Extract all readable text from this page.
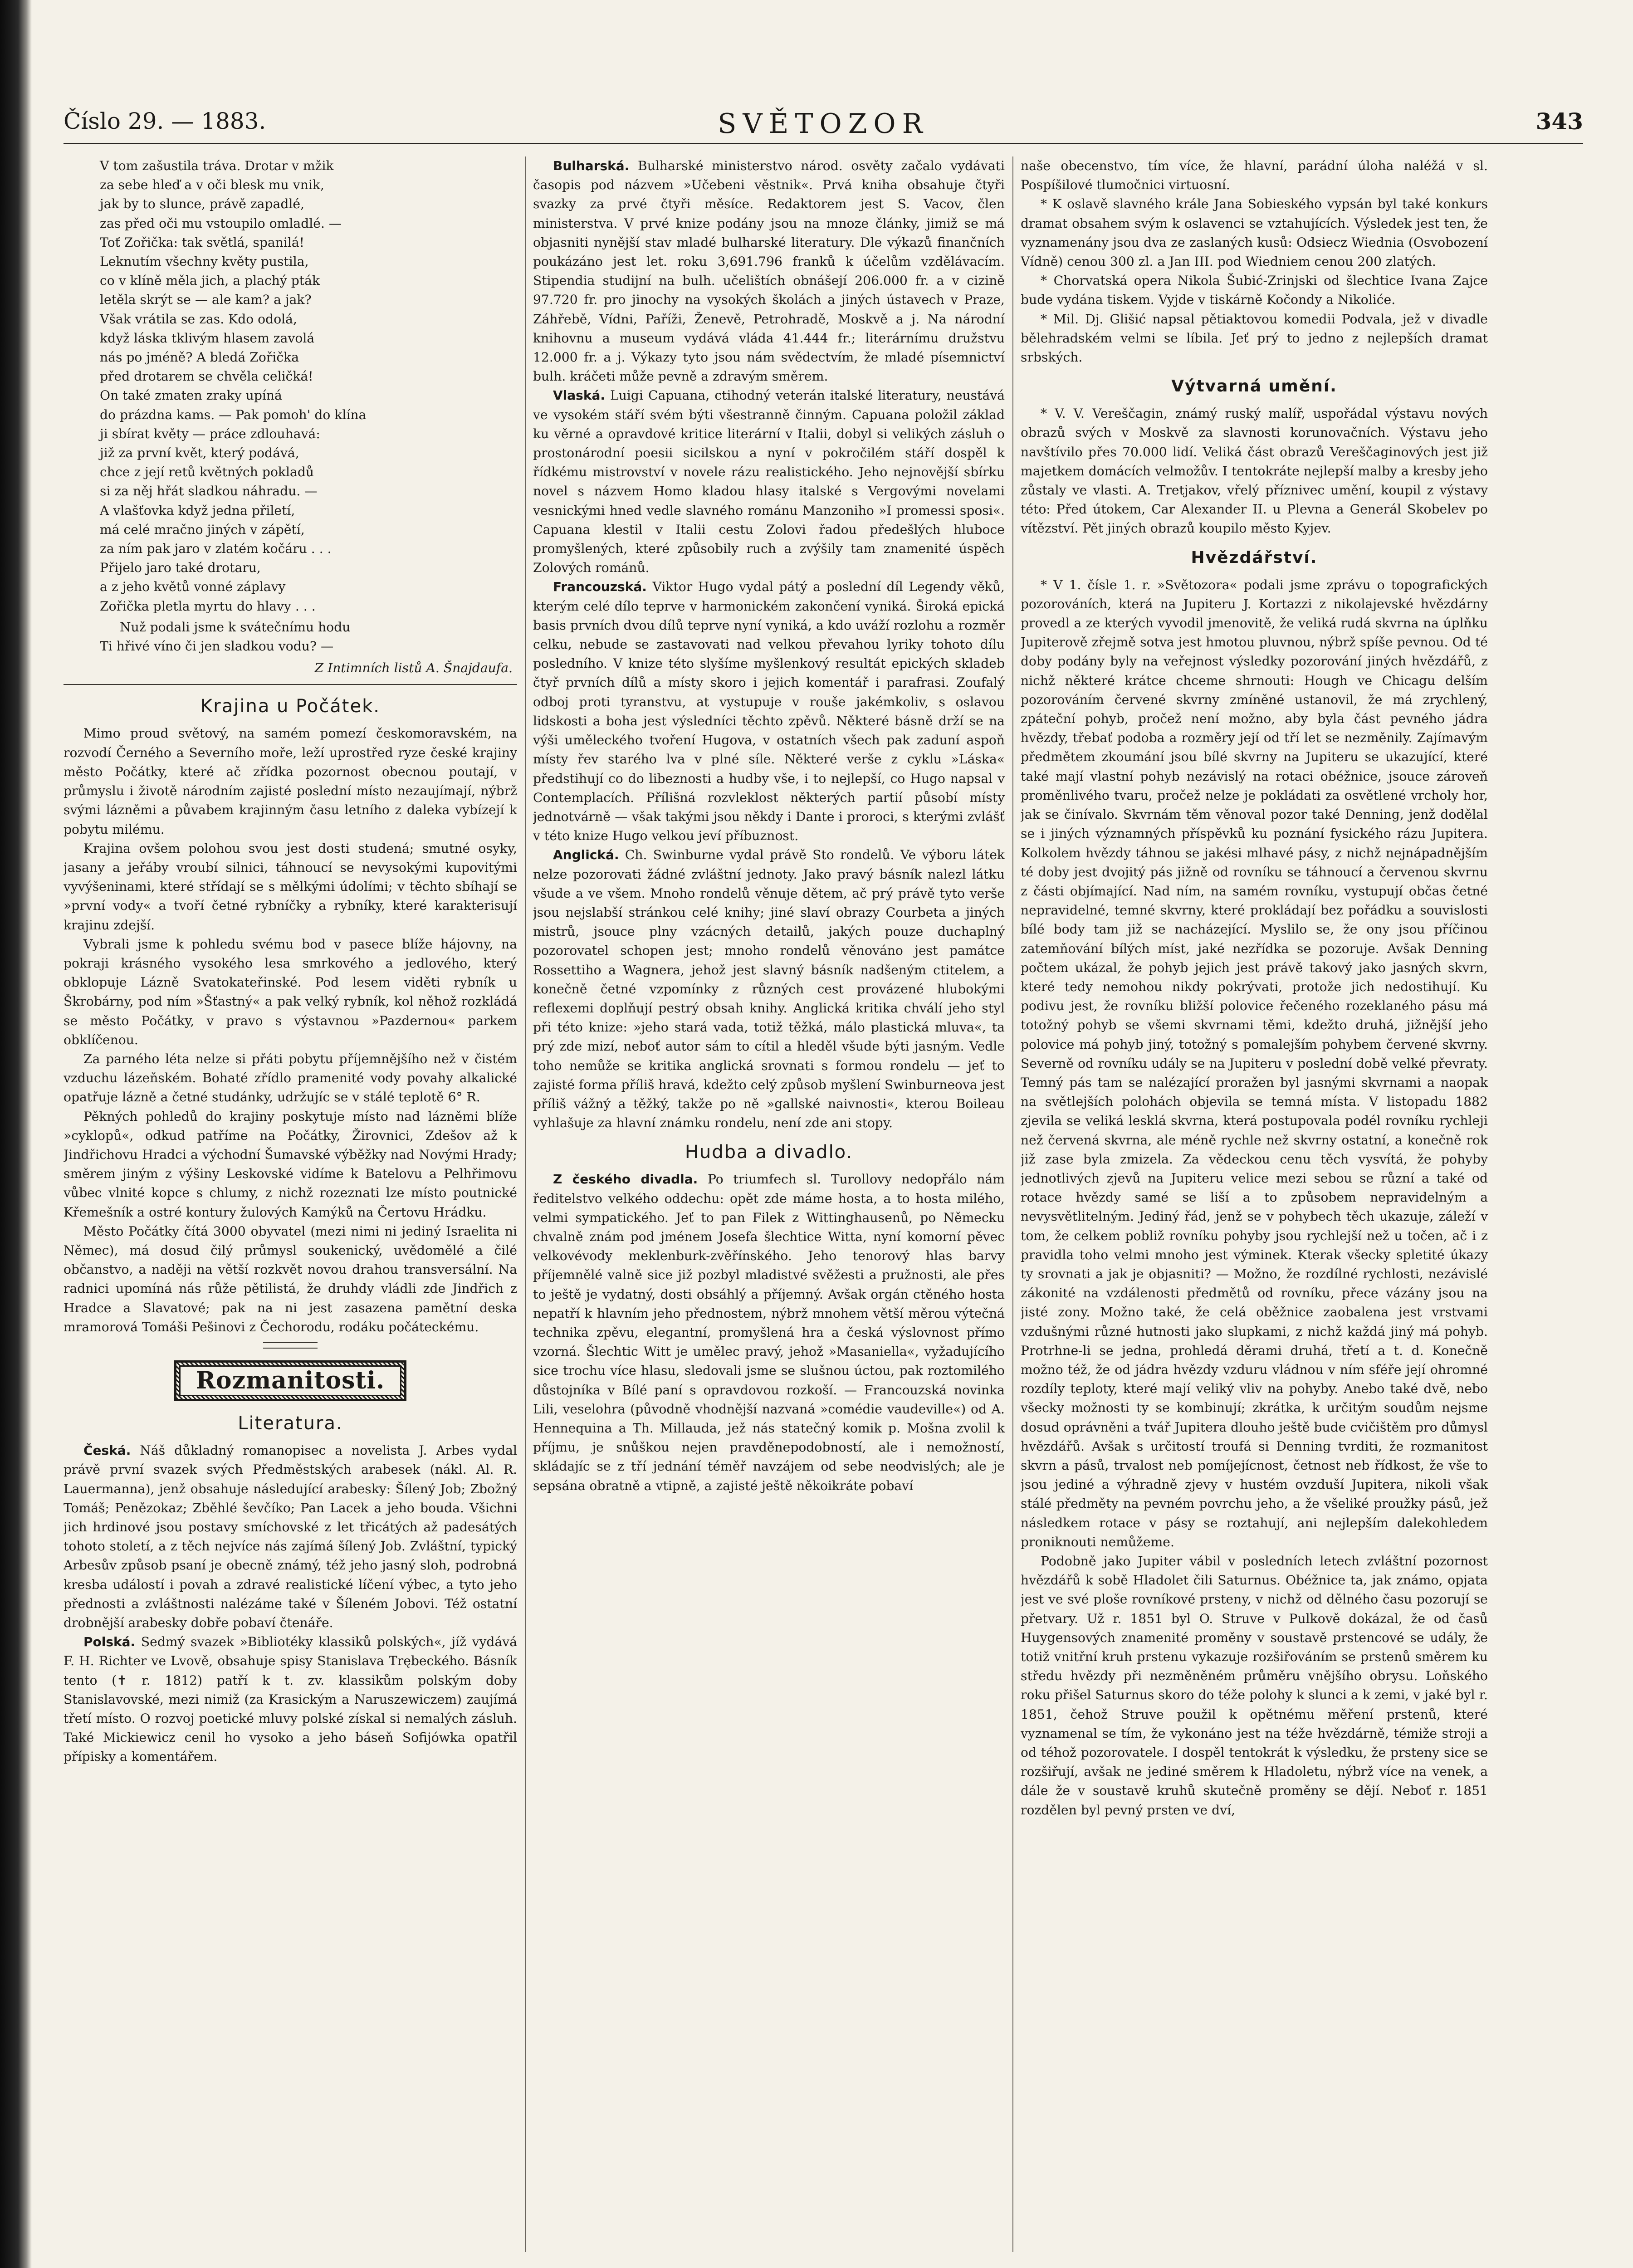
Číslo 29. — 1883.	SVĚTOZOR	343
V tom zašustila tráva. Drotar v mžik
za sebe hleď a v oči blesk mu vnik,
jak by to slunce, právě zapadlé,
zas před oči mu vstoupilo omladlé. —
Toť Zořička: tak světlá, spanilá!
Leknutím všechny květy pustila,
co v klíně měla jich, a plachý pták
letěla skrýt se — ale kam? a jak?
Však vrátila se zas. Kdo odolá,
když láska tklivým hlasem zavolá
nás po jméně? A bledá Zořička
před drotarem se chvěla celičká!
On také zmaten zraky upíná
do prázdna kams. — Pak pomoh' do klína
ji sbírat květy — práce zdlouhavá:
již za první květ, který podává,
chce z její retů květných pokladů
si za něj hřát sladkou náhradu. —
A vlašťovka když jedna přiletí,
má celé mračno jiných v zápětí,
za ním pak jaro v zlatém kočáru . . .
Přijelo jaro také drotaru,
a z jeho květů vonné záplavy
Zořička pletla myrtu do hlavy . . .
Nuž podali jsme k svátečnímu hodu
Ti hřivé víno či jen sladkou vodu? —
Z Intimních listů A. Šnajdaufa.
Krajina u Počátek.

Mimo proud světový, na samém pomezí českomoravském, na rozvodí Černého a Severního moře, leží uprostřed ryze české krajiny město Počátky, které ač zřídka pozornost obecnou poutají, v průmyslu i životě národním zajisté poslední místo nezaujímají, nýbrž svými lázněmi a půvabem krajinným času letního z daleka vybízejí k pobytu milému.

Krajina ovšem polohou svou jest dosti studená; smutné osyky, jasany a jeřáby vroubí silnici, táhnoucí se nevysokými kupovitými vyvýšeninami, které střídají se s mělkými údolími; v těchto sbíhají se »první vody« a tvoří četné rybníčky a rybníky, které karakterisují krajinu zdejší.

Vybrali jsme k pohledu svému bod v pasece blíže hájovny, na pokraji krásného vysokého lesa smrkového a jedlového, který obklopuje Lázně Svatokateřinské. Pod lesem viděti rybník u Škrobárny, pod ním »Šťastný« a pak velký rybník, kol něhož rozkládá se město Počátky, v pravo s výstavnou »Pazdernou« parkem obklíčenou.

Za parného léta nelze si přáti pobytu příjemnějšího než v čistém vzduchu lázeňském. Bohaté zřídlo pramenité vody povahy alkalické opatřuje lázně a četné studánky, udržujíc se v stálé teplotě 6° R.

Pěkných pohledů do krajiny poskytuje místo nad lázněmi blíže »cyklopů«, odkud patříme na Počátky, Žirovnici, Zdešov až k Jindřichovu Hradci a východní Šumavské výběžky nad Novými Hrady; směrem jiným z výšiny Leskovské vidíme k Batelovu a Pelhřimovu vůbec vlnité kopce s chlumy, z nichž rozeznati lze místo poutnické Křemešník a ostré kontury žulových Kamýků na Čertovu Hrádku.

Město Počátky čítá 3000 obyvatel (mezi nimi ni jediný Israelita ni Němec), má dosud čilý průmysl soukenický, uvědomělé a čilé občanstvo, a naději na větší rozkvět novou drahou transversální. Na radnici upomíná nás růže pětilistá, že druhdy vládli zde Jindřich z Hradce a Slavatové; pak na ni jest zasazena pamětní deska mramorová Tomáši Pešinovi z Čechorodu, rodáku počáteckému.

Rozmanitosti.
Literatura.

Česká. Náš důkladný romanopisec a novelista J. Arbes vydal právě první svazek svých Předměstských arabesek (nákl. Al. R. Lauermanna), jenž obsahuje následující arabesky: Šílený Job; Zbožný Tomáš; Penězokaz; Zběhlé ševčíko; Pan Lacek a jeho bouda. Všichni jich hrdinové jsou postavy smíchovské z let třicátých až padesátých tohoto století, a z těch nejvíce nás zajímá šílený Job. Zvláštní, typický Arbesův způsob psaní je obecně známý, též jeho jasný sloh, podrobná kresba událostí i povah a zdravé realistické líčení výbec, a tyto jeho přednosti a zvláštnosti nalézáme také v Šíleném Jobovi. Též ostatní drobnější arabesky dobře pobaví čtenáře.

Polská. Sedmý svazek »Bibliotéky klassiků polských«, jíž vydává F. H. Richter ve Lvově, obsahuje spisy Stanislava Trębeckého. Básník tento (✝ r. 1812) patří k t. zv. klassikům polským doby Stanislavovské, mezi nimiž (za Krasickým a Naruszewiczem) zaujímá třetí místo. O rozvoj poetické mluvy polské získal si nemalých zásluh. Také Mickiewicz cenil ho vysoko a jeho báseň Sofijówka opatřil přípisky a komentářem.

Bulharská. Bulharské ministerstvo národ. osvěty začalo vydávati časopis pod názvem »Učebeni věstnik«. Prvá kniha obsahuje čtyři svazky za prvé čtyři měsíce. Redaktorem jest S. Vacov, člen ministerstva. V prvé knize podány jsou na mnoze články, jimiž se má objasniti nynější stav mladé bulharské literatury. Dle výkazů finančních poukázáno jest let. roku 3,691.796 franků k účelům vzdělávacím. Stipendia studijní na bulh. učelištích obnášejí 206.000 fr. a v cizině 97.720 fr. pro jinochy na vysokých školách a jiných ústavech v Praze, Záhřebě, Vídni, Paříži, Ženevě, Petrohradě, Moskvě a j. Na národní knihovnu a museum vydává vláda 41.444 fr.; literárnímu družstvu 12.000 fr. a j. Výkazy tyto jsou nám svědectvím, že mladé písemnictví bulh. kráčeti může pevně a zdravým směrem.

Vlaská. Luigi Capuana, ctihodný veterán italské literatury, neustává ve vysokém stáří svém býti všestranně činným. Capuana položil základ ku věrné a opravdové kritice literární v Italii, dobyl si velikých zásluh o prostonárodní poesii sicilskou a nyní v pokročilém stáří dospěl k řídkému mistrovství v novele rázu realistického. Jeho nejnovější sbírku novel s názvem Homo kladou hlasy italské s Vergovými novelami vesnickými hned vedle slavného románu Manzoniho »I promessi sposi«. Capuana klestil v Italii cestu Zolovi řadou předešlých hluboce promyšlených, které způsobily ruch a zvýšily tam znamenité úspěch Zolových románů.

Francouzská. Viktor Hugo vydal pátý a poslední díl Legendy věků, kterým celé dílo teprve v harmonickém zakončení vyniká. Široká epická basis prvních dvou dílů teprve nyní vyniká, a kdo uváží rozlohu a rozměr celku, nebude se zastavovati nad velkou převahou lyriky tohoto dílu posledního. V knize této slyšíme myšlenkový resultát epických skladeb čtyř prvních dílů a místy skoro i jejich komentář i parafrasi. Zoufalý odboj proti tyranstvu, at vystupuje v rouše jakémkoliv, s oslavou lidskosti a boha jest výsledníci těchto zpěvů. Některé básně drží se na výši uměleckého tvoření Hugova, v ostatních všech pak zaduní aspoň místy řev starého lva v plné síle. Některé verše z cyklu »Láska« předstihují co do libeznosti a hudby vše, i to nejlepší, co Hugo napsal v Contemplacích. Přílišná rozvleklost některých partií působí místy jednotvárně — však takými jsou někdy i Dante i proroci, s kterými zvlášť v této knize Hugo velkou jeví příbuznost.

Anglická. Ch. Swinburne vydal právě Sto rondelů. Ve výboru látek nelze pozorovati žádné zvláštní jednoty. Jako pravý básník nalezl látku všude a ve všem. Mnoho rondelů věnuje dětem, ač prý právě tyto verše jsou nejslabší stránkou celé knihy; jiné slaví obrazy Courbeta a jiných mistrů, jsouce plny vzácných detailů, jakých pouze duchaplný pozorovatel schopen jest; mnoho rondelů věnováno jest památce Rossettiho a Wagnera, jehož jest slavný básník nadšeným ctitelem, a konečně četné vzpomínky z různých cest provázené hlubokými reflexemi doplňují pestrý obsah knihy. Anglická kritika chválí jeho styl při této knize: »jeho stará vada, totiž těžká, málo plastická mluva«, ta prý zde mizí, neboť autor sám to cítil a hleděl všude býti jasným. Vedle toho nemůže se kritika anglická srovnati s formou rondelu — jeť to zajisté forma příliš hravá, kdežto celý způsob myšlení Swinburneova jest příliš vážný a těžký, takže po ně »gallské naivnosti«, kterou Boileau vyhlašuje za hlavní známku rondelu, není zde ani stopy.

Hudba a divadlo.

Z českého divadla. Po triumfech sl. Turollovy nedopřálo nám ředitelstvo velkého oddechu: opět zde máme hosta, a to hosta milého, velmi sympatického. Jeť to pan Filek z Wittinghausenů, po Německu chvalně znám pod jménem Josefa šlechtice Witta, nyní komorní pěvec velkovévody meklenburk-zvěřínského. Jeho tenorový hlas barvy příjemnělé valně sice již pozbyl mladistvé svěžesti a pružnosti, ale přes to ještě je vydatný, dosti obsáhlý a příjemný. Avšak orgán ctěného hosta nepatří k hlavním jeho přednostem, nýbrž mnohem větší měrou výtečná technika zpěvu, elegantní, promyšlená hra a česká výslovnost přímo vzorná. Šlechtic Witt je umělec pravý, jehož »Masaniella«, vyžadujícího sice trochu více hlasu, sledovali jsme se slušnou úctou, pak roztomilého důstojníka v Bílé paní s opravdovou rozkoší. — Francouzská novinka Lili, veselohra (původně vhodnější nazvaná »comédie vaudeville«) od A. Hennequina a Th. Millauda, jež nás statečný komik p. Mošna zvolil k příjmu, je snůškou nejen pravděnepodobností, ale i nemožností, skládajíc se z tří jednání téměř navzájem od sebe neodvislých; ale je sepsána obratně a vtipně, a zajisté ještě někoikráte pobaví

naše obecenstvo, tím více, že hlavní, parádní úloha naléžá v sl. Pospíšilové tlumočnici virtuosní.

* K oslavě slavného krále Jana Sobieského vypsán byl také konkurs dramat obsahem svým k oslavenci se vztahujících. Výsledek jest ten, že vyznamenány jsou dva ze zaslaných kusů: Odsiecz Wiednia (Osvobození Vídně) cenou 300 zl. a Jan III. pod Wiedniem cenou 200 zlatých.

* Chorvatská opera Nikola Šubić-Zrinjski od šlechtice Ivana Zajce bude vydána tiskem. Vyjde v tiskárně Kočondy a Nikoliće.

* Mil. Dj. Glišić napsal pětiaktovou komedii Podvala, jež v divadle bělehradském velmi se líbila. Jeť prý to jedno z nejlepších dramat srbských.

Výtvarná umění.

* V. V. Vereščagin, známý ruský malíř, uspořádal výstavu nových obrazů svých v Moskvě za slavnosti korunovačních. Výstavu jeho navštívilo přes 70.000 lidí. Veliká část obrazů Vereščaginových jest již majetkem domácích velmožův. I tentokráte nejlepší malby a kresby jeho zůstaly ve vlasti. A. Tretjakov, vřelý příznivec umění, koupil z výstavy této: Před útokem, Car Alexander II. u Plevna a Generál Skobelev po vítězství. Pět jiných obrazů koupilo město Kyjev.

Hvězdářství.

* V 1. čísle 1. r. »Světozora« podali jsme zprávu o topografických pozorováních, která na Jupiteru J. Kortazzi z nikolajevské hvězdárny provedl a ze kterých vyvodil jmenovitě, že veliká rudá skvrna na úplňku Jupiterově zřejmě sotva jest hmotou pluvnou, nýbrž spíše pevnou. Od té doby podány byly na veřejnost výsledky pozorování jiných hvězdářů, z nichž některé krátce chceme shrnouti: Hough ve Chicagu delším pozorováním červené skvrny zmíněné ustanovil, že má zrychlený, zpáteční pohyb, pročež není možno, aby byla část pevného jádra hvězdy, třebať podoba a rozměry její od tří let se nezměnily. Zajímavým předmětem zkoumání jsou bílé skvrny na Jupiteru se ukazující, které také mají vlastní pohyb nezávislý na rotaci obéžnice, jsouce zároveň proměnlivého tvaru, pročež nelze je pokládati za osvětlené vrcholy hor, jak se činívalo. Skvrnám těm věnoval pozor také Denning, jenž dodělal se i jiných významných příspěvků ku poznání fysického rázu Jupitera. Kolkolem hvězdy táhnou se jakési mlhavé pásy, z nichž nejnápadnějším té doby jest dvojitý pás jižně od rovníku se táhnoucí a červenou skvrnu z části objímající. Nad ním, na samém rovníku, vystupují občas četné nepravidelné, temné skvrny, které prokládají bez pořádku a souvislosti bílé body tam již se nacházející. Myslilo se, že ony jsou příčinou zatemňování bílých míst, jaké nezřídka se pozoruje. Avšak Denning počtem ukázal, že pohyb jejich jest právě takový jako jasných skvrn, které tedy nemohou nikdy pokrývati, protože jich nedostihují. Ku podivu jest, že rovníku bližší polovice řečeného rozeklaného pásu má totožný pohyb se všemi skvrnami těmi, kdežto druhá, jižnější jeho polovice má pohyb jiný, totožný s pomalejším pohybem červené skvrny. Severně od rovníku udály se na Jupiteru v poslední době velké převraty. Temný pás tam se nalézající proražen byl jasnými skvrnami a naopak na světlejších polohách objevila se temná místa. V listopadu 1882 zjevila se veliká lesklá skvrna, která postupovala podél rovníku rychleji než červená skvrna, ale méně rychle než skvrny ostatní, a konečně rok již zase byla zmizela. Za vědeckou cenu těch vysvítá, že pohyby jednotlivých zjevů na Jupiteru velice mezi sebou se různí a také od rotace hvězdy samé se liší a to způsobem nepravidelným a nevysvětlitelným. Jediný řád, jenž se v pohybech těch ukazuje, záleží v tom, že celkem pobliž rovníku pohyby jsou rychlejší než u točen, ač i z pravidla toho velmi mnoho jest výminek. Kterak všecky spletité úkazy ty srovnati a jak je objasniti? — Možno, že rozdílné rychlosti, nezávislé zákonité na vzdálenosti předmětů od rovníku, přece vázány jsou na jisté zony. Možno také, že celá oběžnice zaobalena jest vrstvami vzdušnými různé hutnosti jako slupkami, z nichž každá jiný má pohyb. Protrhne-li se jedna, prohledá děrami druhá, třetí a t. d. Konečně možno též, že od jádra hvězdy vzduru vládnou v ním sféře její ohromné rozdíly teploty, které mají veliký vliv na pohyby. Anebo také dvě, nebo všecky možnosti ty se kombinují; zkrátka, k určitým soudům nejsme dosud oprávněni a tvář Jupitera dlouho ještě bude cvičištěm pro důmysl hvězdářů. Avšak s určitostí troufá si Denning tvrditi, že rozmanitost skvrn a pásů, trvalost neb pomíjejícnost, četnost neb řídkost, že vše to jsou jediné a výhradně zjevy v hustém ovzduší Jupitera, nikoli však stálé předměty na pevném povrchu jeho, a že všeliké proužky pásů, jež následkem rotace v pásy se roztahují, ani nejlepším dalekohledem proniknouti nemůžeme.

Podobně jako Jupiter vábil v posledních letech zvláštní pozornost hvězdářů k sobě Hladolet čili Saturnus. Obéžnice ta, jak známo, opjata jest ve své ploše rovníkové prsteny, v nichž od dělného času pozorují se přetvary. Už r. 1851 byl O. Struve v Pulkově dokázal, že od časů Huygensových znamenité proměny v soustavě prstencové se udály, že totiž vnitřní kruh prstenu vykazuje rozšiřováním se prstenů směrem ku středu hvězdy při nezměněném průměru vnějšího obrysu. Loňského roku přišel Saturnus skoro do téže polohy k slunci a k zemi, v jaké byl r. 1851, čehož Struve použil k opětnému měření prstenů, které vyznamenal se tím, že vykonáno jest na téže hvězdárně, témiže stroji a od téhož pozorovatele. I dospěl tentokrát k výsledku, že prsteny sice se rozšiřují, avšak ne jediné směrem k Hladoletu, nýbrž více na venek, a dále že v soustavě kruhů skutečně proměny se dějí. Neboť r. 1851 rozdělen byl pevný prsten ve dví,
